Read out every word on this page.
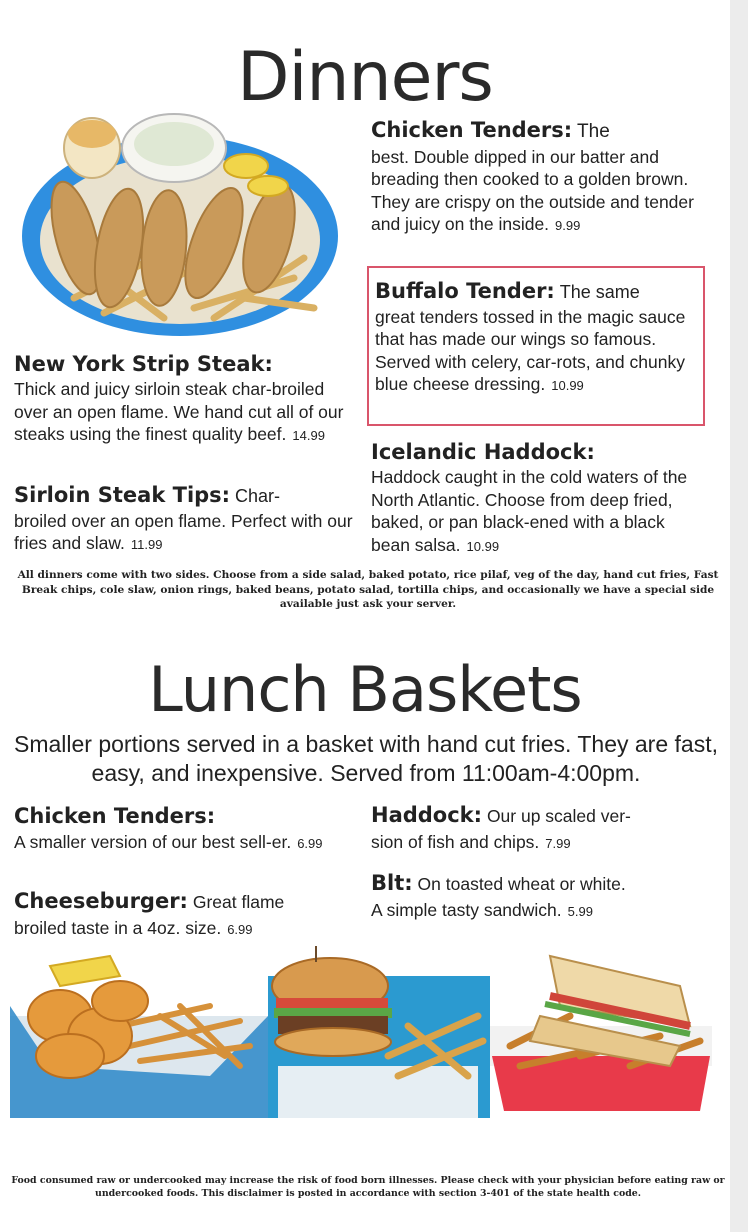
Dinners
Chicken Tenders: The
best. Double dipped in our batter and breading then cooked to a golden brown. They are crispy on the outside and tender and juicy on the inside. 9.99
Buffalo Tender: The same
great tenders tossed in the magic sauce that has made our wings so famous. Served with celery, car-rots, and chunky blue cheese dressing. 10.99
New York Strip Steak:
Thick and juicy sirloin steak char-broiled over an open flame. We hand cut all of our steaks using the finest quality beef. 14.99
Icelandic Haddock:
Haddock caught in the cold waters of the North Atlantic. Choose from deep fried, baked, or pan black-ened with a black bean salsa. 10.99
Sirloin Steak Tips: Char-
broiled over an open flame. Perfect with our fries and slaw. 11.99
All dinners come with two sides. Choose from a side salad, baked potato, rice pilaf, veg of the day, hand cut fries, Fast Break chips, cole slaw, onion rings, baked beans, potato salad, tortilla chips, and occasionally we have a special side available just ask your server.
Lunch Baskets
Smaller portions served in a basket with hand cut fries. They are fast, easy, and inexpensive. Served from 11:00am-4:00pm.
Chicken Tenders:
A smaller version of our best sell-er. 6.99
Haddock: Our up scaled ver-
sion of fish and chips. 7.99
Cheeseburger: Great flame
broiled taste in a 4oz. size. 6.99
Blt: On toasted wheat or white.
A simple tasty sandwich. 5.99
Food consumed raw or undercooked may increase the risk of food born illnesses. Please check with your physician before eating raw or undercooked foods. This disclaimer is posted in accordance with section 3-401 of the state health code.
